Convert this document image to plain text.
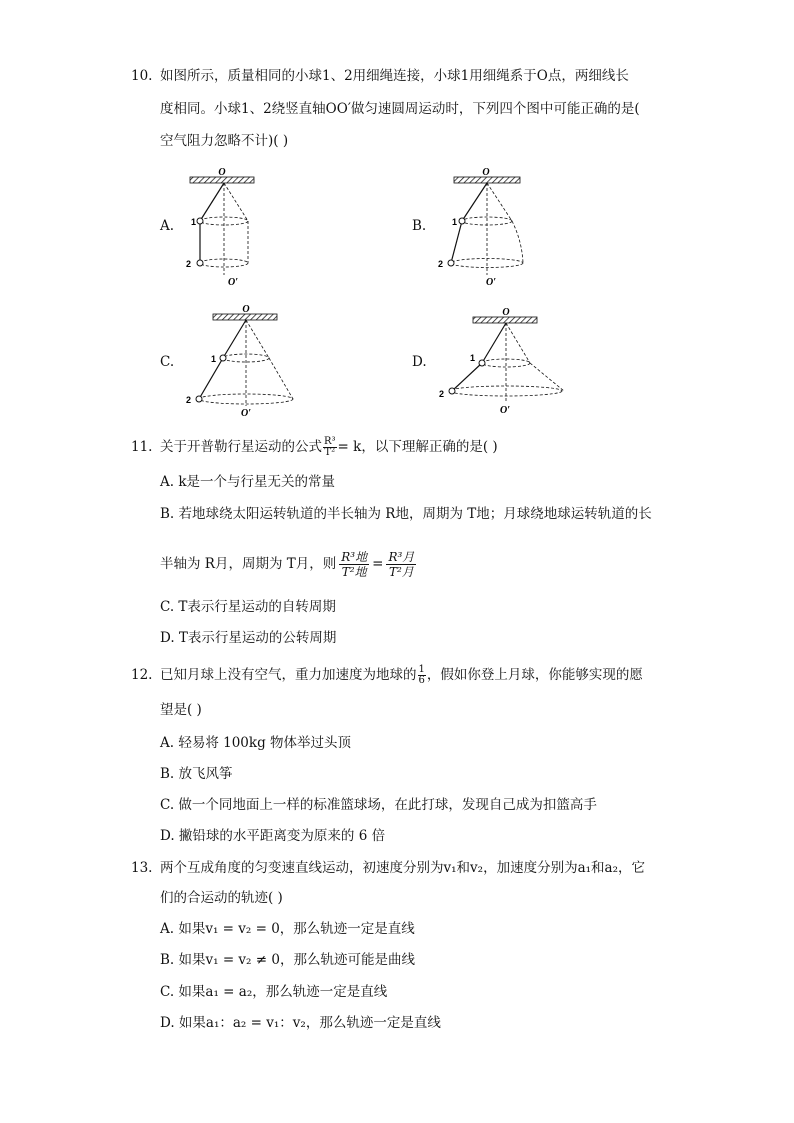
10. 如图所示，质量相同的小球1、2用细绳连接，小球1用细绳系于O点，两细线长
度相同。小球1、2绕竖直轴OO′做匀速圆周运动时，下列四个图中可能正确的是(
空气阻力忽略不计)( )
A.
O
1
2
O′
B.
O
1
2
O′
C.
O
1
2
O′
D.
O
1
2
O′
11. 关于开普勒行星运动的公式 $\frac{\text{R³}}{\text{T²}} = k$，以下理解正确的是( )
A. k是一个与行星无关的常量
B. 若地球绕太阳运转轨道的半长轴为 R地，周期为 T地；月球绕地球运转轨道的长
半轴为 R月，周期为 T月，则 R³地
T²地 = R³月
T²月
C. T表示行星运动的自转周期
D. T表示行星运动的公转周期
12. 已知月球上没有空气，重力加速度为地球的 $\frac{1}{6}$ ，假如你登上月球，你能够实现的愿
望是( )
A. 轻易将 100kg 物体举过头顶
B. 放飞风筝
C. 做一个同地面上一样的标准篮球场，在此打球，发现自己成为扣篮高手
D. 撇铅球的水平距离变为原来的 6 倍
13. 两个互成角度的匀变速直线运动，初速度分别为v₁和v₂，加速度分别为a₁和a₂，它
们的合运动的轨迹( )
A. 如果v₁ = v₂ = 0，那么轨迹一定是直线
B. 如果v₁ = v₂ ≠ 0，那么轨迹可能是曲线
C. 如果a₁ = a₂，那么轨迹一定是直线
D. 如果a₁：a₂ = v₁：v₂，那么轨迹一定是直线
